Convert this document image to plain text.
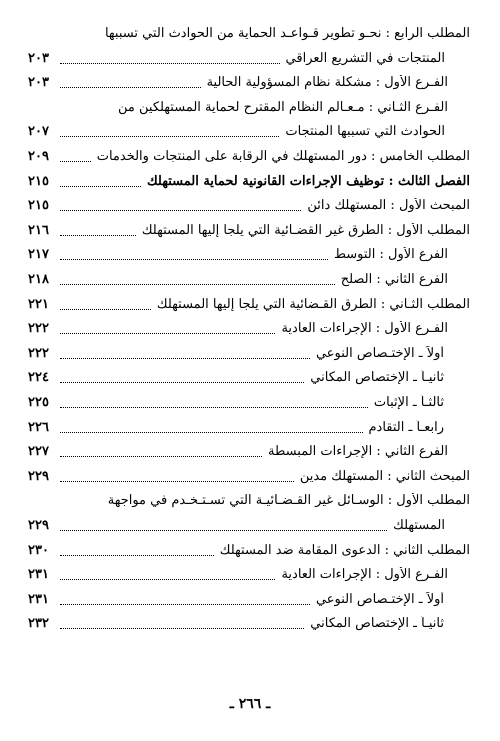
المطلب الرابع : نحـو تطوير قـواعـد الحماية من الحوادث التي تسببها
المنتجات في التشريع العراقي
٢٠٣
الفـرع الأول : مشكلة نظام المسؤولية الحالية
٢٠٣
الفـرع الثـاني : مـعـالم النظام المقترح لحماية المستهلكين من
الحوادث التي تسببها المنتجات
٢٠٧
المطلب الخامس : دور المستهلك في الرقابة على المنتجات والخدمات
٢٠٩
الفصل الثالث : توظيف الإجراءات القانونية لحماية المستهلك
٢١٥
المبحث الأول : المستهلك دائن
٢١٥
المطلب الأول : الطرق غير القضـائية التي يلجأ إليها المستهلك
٢١٦
الفرع الأول : التوسط
٢١٧
الفرع الثاني : الصلح
٢١٨
المطلب الثـاني : الطرق القـضائية التي يلجأ إليها المستهلك
٢٢١
الفـرع الأول : الإجراءات العادية
٢٢٢
أولاً ـ الإختـصاص النوعي
٢٢٢
ثانيـاً ـ الإختصاص المكاني
٢٢٤
ثالثـاً ـ الإثبات
٢٢٥
رابعـاً ـ التقادم
٢٢٦
الفرع الثاني : الإجراءات المبسطة
٢٢٧
المبحث الثاني : المستهلك مدين
٢٢٩
المطلب الأول : الوسـائل غير القـضـائيـة التي تسـتـخـدم في مواجهة
المستهلك
٢٢٩
المطلب الثاني : الدعوى المقامة ضد المستهلك
٢٣٠
الفـرع الأول : الإجراءات العادية
٢٣١
أولاً ـ الإختـصاص النوعي
٢٣١
ثانيـاً ـ الإختصاص المكاني
٢٣٢
ـ ٢٦٦ ـ
